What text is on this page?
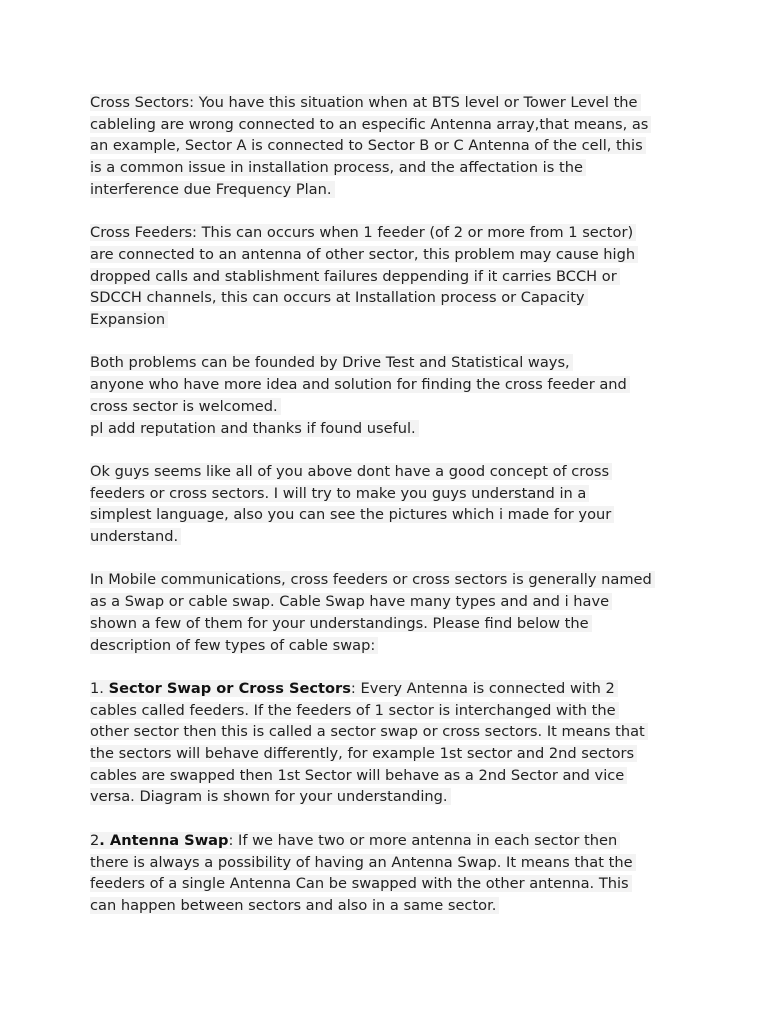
Cross Sectors: You have this situation when at BTS level or Tower Level the
cableling are wrong connected to an especific Antenna array,that means, as
an example, Sector A is connected to Sector B or C Antenna of the cell, this
is a common issue in installation process, and the affectation is the
interference due Frequency Plan.
Cross Feeders: This can occurs when 1 feeder (of 2 or more from 1 sector)
are connected to an antenna of other sector, this problem may cause high
dropped calls and stablishment failures deppending if it carries BCCH or
SDCCH channels, this can occurs at Installation process or Capacity
Expansion
Both problems can be founded by Drive Test and Statistical ways,
anyone who have more idea and solution for finding the cross feeder and
cross sector is welcomed.
pl add reputation and thanks if found useful.
Ok guys seems like all of you above dont have a good concept of cross
feeders or cross sectors. I will try to make you guys understand in a
simplest language, also you can see the pictures which i made for your
understand.
In Mobile communications, cross feeders or cross sectors is generally named
as a Swap or cable swap. Cable Swap have many types and and i have
shown a few of them for your understandings. Please find below the
description of few types of cable swap:
1. Sector Swap or Cross Sectors: Every Antenna is connected with 2
cables called feeders. If the feeders of 1 sector is interchanged with the
other sector then this is called a sector swap or cross sectors. It means that
the sectors will behave differently, for example 1st sector and 2nd sectors
cables are swapped then 1st Sector will behave as a 2nd Sector and vice
versa. Diagram is shown for your understanding.
2. Antenna Swap: If we have two or more antenna in each sector then
there is always a possibility of having an Antenna Swap. It means that the
feeders of a single Antenna Can be swapped with the other antenna. This
can happen between sectors and also in a same sector.
